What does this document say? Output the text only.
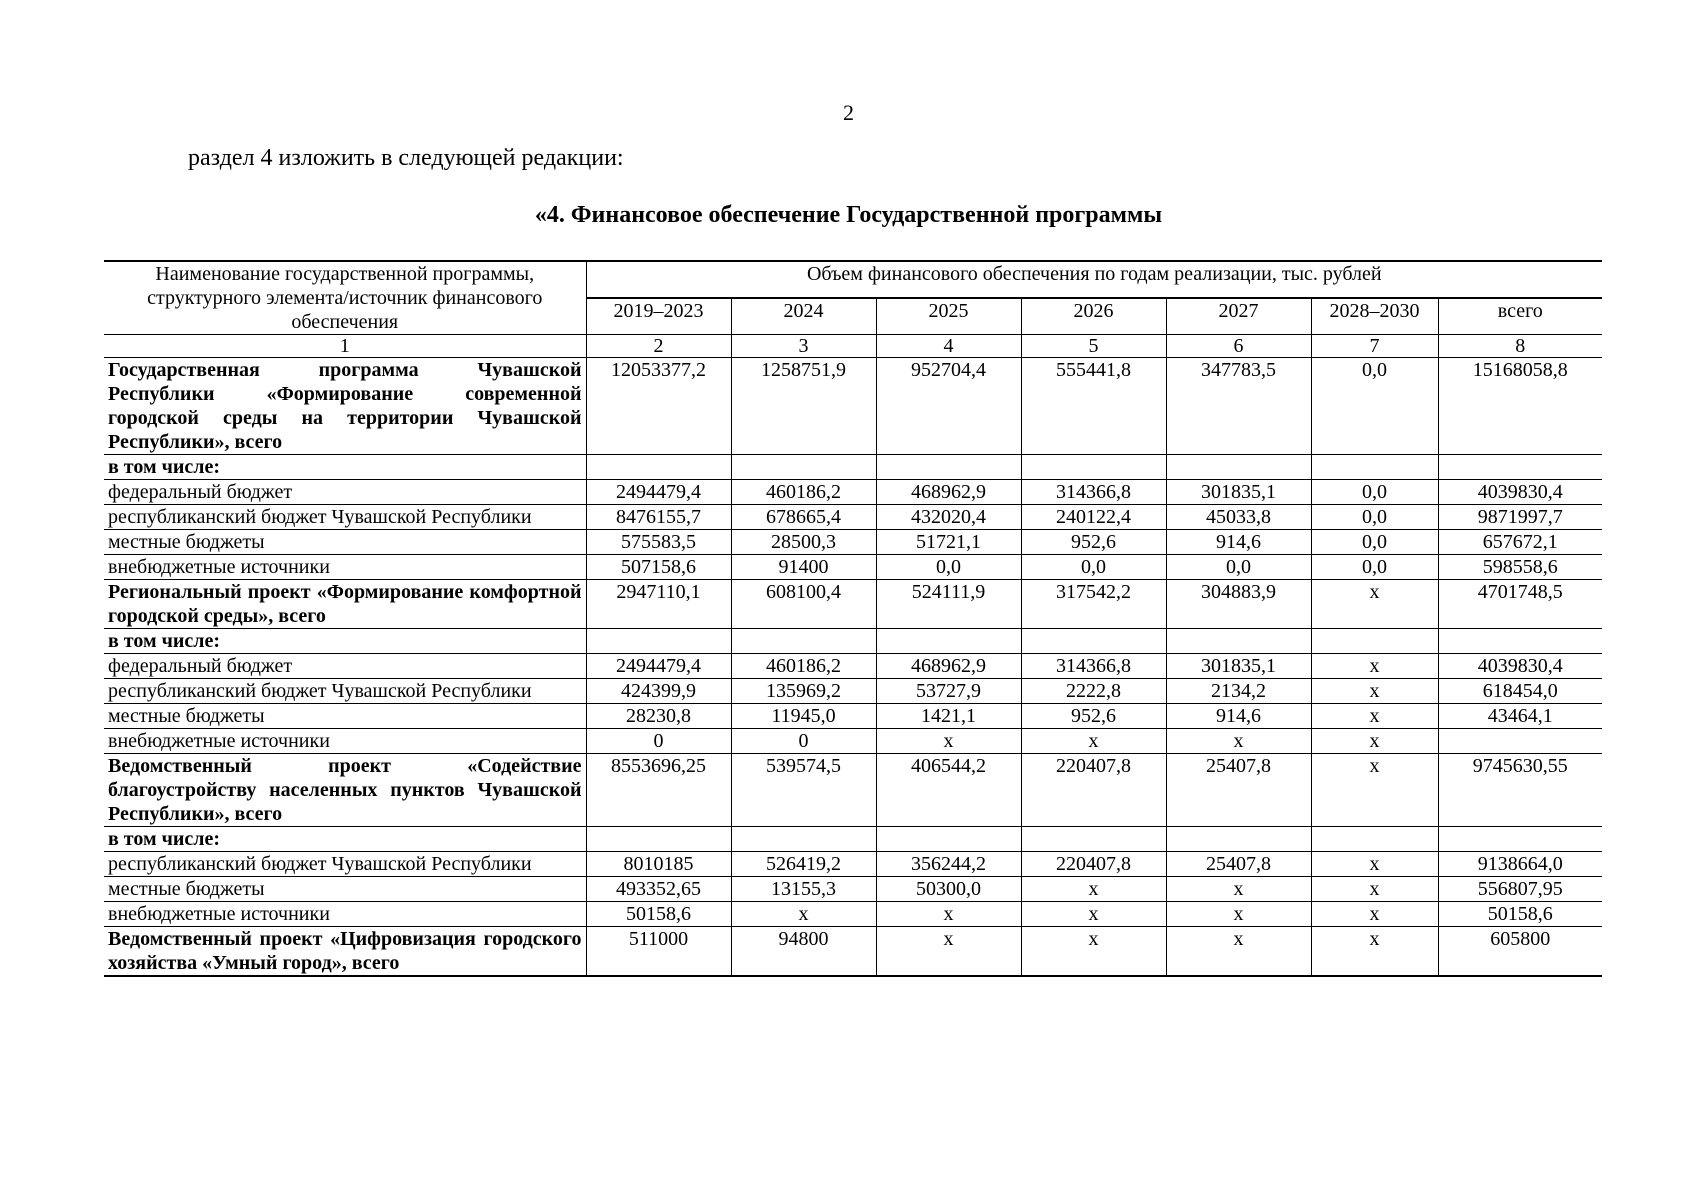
2
раздел 4 изложить в следующей редакции:
«4. Финансовое обеспечение Государственной программы
Наименование государственной программы, структурного элемента/источник финансового обеспечения	Объем финансового обеспечения по годам реализации, тыс. рублей						
	2019–2023	2024	2025	2026	2027	2028–2030	всего
1	2	3	4	5	6	7	8
Государственная программа Чувашской Республики «Формирование современной городской среды на территории Чувашской Республики», всего	12053377,2	1258751,9	952704,4	555441,8	347783,5	0,0	15168058,8
в том числе:							
федеральный бюджет	2494479,4	460186,2	468962,9	314366,8	301835,1	0,0	4039830,4
республиканский бюджет Чувашской Республики	8476155,7	678665,4	432020,4	240122,4	45033,8	0,0	9871997,7
местные бюджеты	575583,5	28500,3	51721,1	952,6	914,6	0,0	657672,1
внебюджетные источники	507158,6	91400	0,0	0,0	0,0	0,0	598558,6
Региональный проект «Формирование комфортной городской среды», всего	2947110,1	608100,4	524111,9	317542,2	304883,9	x	4701748,5
в том числе:							
федеральный бюджет	2494479,4	460186,2	468962,9	314366,8	301835,1	x	4039830,4
республиканский бюджет Чувашской Республики	424399,9	135969,2	53727,9	2222,8	2134,2	x	618454,0
местные бюджеты	28230,8	11945,0	1421,1	952,6	914,6	x	43464,1
внебюджетные источники	0	0	x	x	x	x	
Ведомственный проект «Содействие благоустройству населенных пунктов Чувашской Республики», всего	8553696,25	539574,5	406544,2	220407,8	25407,8	x	9745630,55
в том числе:							
республиканский бюджет Чувашской Республики	8010185	526419,2	356244,2	220407,8	25407,8	x	9138664,0
местные бюджеты	493352,65	13155,3	50300,0	x	x	x	556807,95
внебюджетные источники	50158,6	x	x	x	x	x	50158,6
Ведомственный проект «Цифровизация городского хозяйства «Умный город», всего	511000	94800	x	x	x	x	605800
